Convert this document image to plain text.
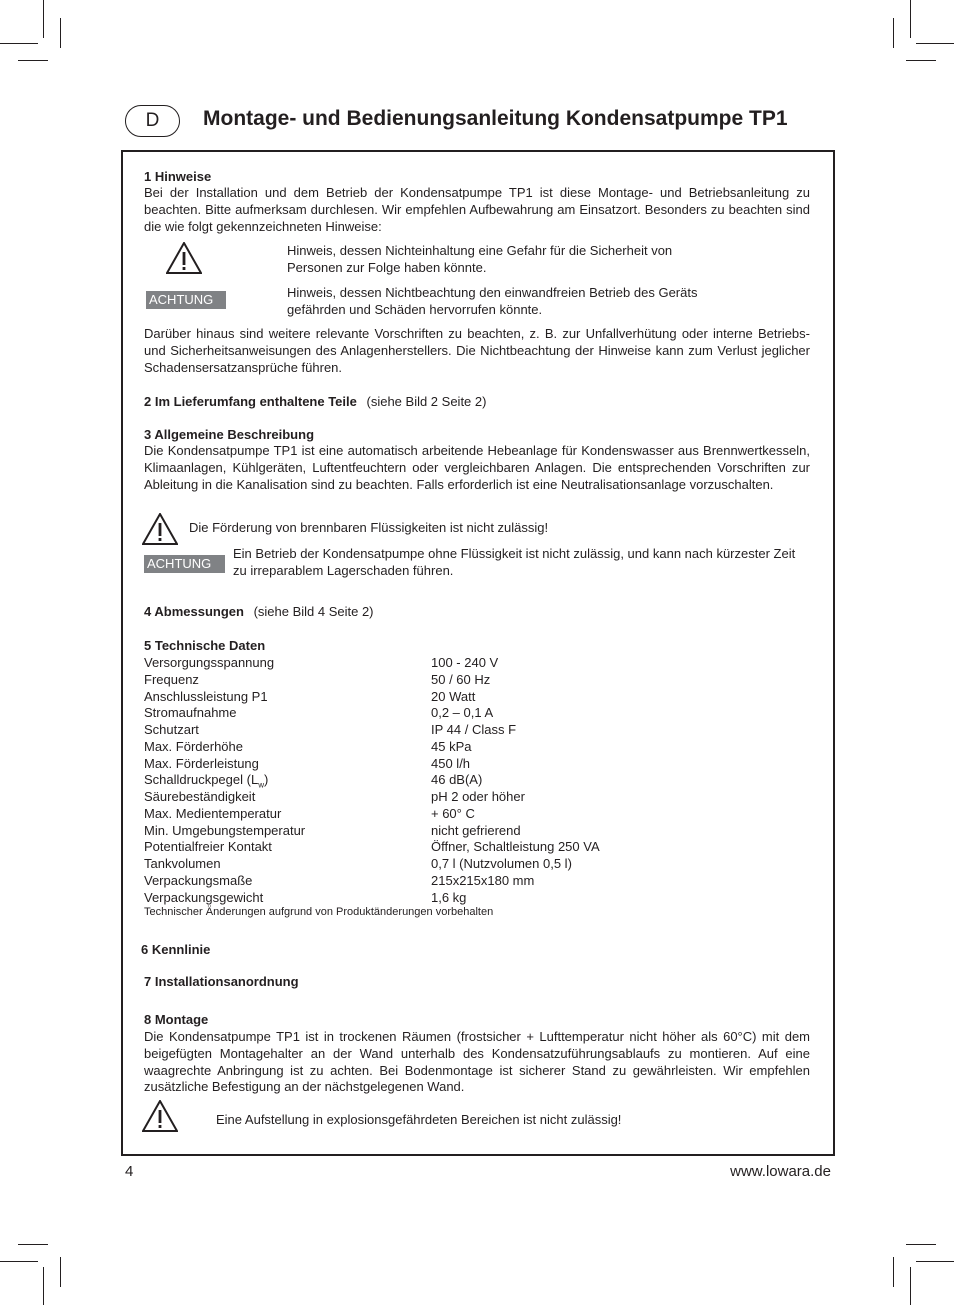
D	Montage- und Bedienungsanleitung Kondensatpumpe TP1
1 Hinweise
Bei der Installation und dem Betrieb der Kondensatpumpe TP1 ist diese Montage- und Betriebsanleitung zu beachten. Bitte aufmerksam durchlesen. Wir empfehlen Aufbewahrung am Einsatzort. Besonders zu beachten sind die wie folgt gekennzeichneten Hinweise:
Hinweis, dessen Nichteinhaltung eine Gefahr für die Sicherheit von Personen zur Folge haben könnte.
ACHTUNG	Hinweis, dessen Nichtbeachtung den einwandfreien Betrieb des Geräts gefährden und Schäden hervorrufen könnte.
Darüber hinaus sind weitere relevante Vorschriften zu beachten, z. B. zur Unfallverhütung oder interne Betriebs- und Sicherheitsanweisungen des Anlagenherstellers. Die Nichtbeachtung der Hinweise kann zum Verlust jeglicher Schadensersatzansprüche führen.
2 Im Lieferumfang enthaltene Teile (siehe Bild 2 Seite 2)
3 Allgemeine Beschreibung
Die Kondensatpumpe TP1 ist eine automatisch arbeitende Hebeanlage für Kondenswasser aus Brennwertkesseln, Klimaanlagen, Kühlgeräten, Luftentfeuchtern oder vergleichbaren Anlagen. Die entsprechenden Vorschriften zur Ableitung in die Kanalisation sind zu beachten. Falls erforderlich ist eine Neutralisationsanlage vorzuschalten.
Die Förderung von brennbaren Flüssigkeiten ist nicht zulässig!
ACHTUNG
Ein Betrieb der Kondensatpumpe ohne Flüssigkeit ist nicht zulässig, und kann nach kürzester Zeit zu irreparablem Lagerschaden führen.
4 Abmessungen (siehe Bild 4 Seite 2)
5 Technische Daten
Versorgungsspannung	100 - 240 V
Frequenz	50 / 60 Hz
Anschlussleistung P1	20 Watt
Stromaufnahme	0,2 – 0,1 A
Schutzart	IP 44 / Class F
Max. Förderhöhe	45 kPa
Max. Förderleistung	450 l/h
Schalldruckpegel $(L_w)$	46 dB(A)
Säurebeständigkeit	pH 2 oder höher
Max. Medientemperatur	+ 60° C
Min. Umgebungstemperatur	nicht gefrierend
Potentialfreier Kontakt	Öffner, Schaltleistung 250 VA
Tankvolumen	0,7 l (Nutzvolumen 0,5 l)
Verpackungsmaße	215x215x180 mm
Verpackungsgewicht	1,6 kg
Technischer Änderungen aufgrund von Produktänderungen vorbehalten
6 Kennlinie
7 Installationsanordnung
8 Montage
Die Kondensatpumpe TP1 ist in trockenen Räumen (frostsicher + Lufttemperatur nicht höher als 60°C) mit dem beigefügten Montagehalter an der Wand unterhalb des Kondensatzuführungsablaufs zu montieren. Auf eine waagrechte Anbringung ist zu achten. Bei Bodenmontage ist sicherer Stand zu gewährleisten. Wir empfehlen zusätzliche Befestigung an der nächstgelegenen Wand.
Eine Aufstellung in explosionsgefährdeten Bereichen ist nicht zulässig!
4	www.lowara.de
